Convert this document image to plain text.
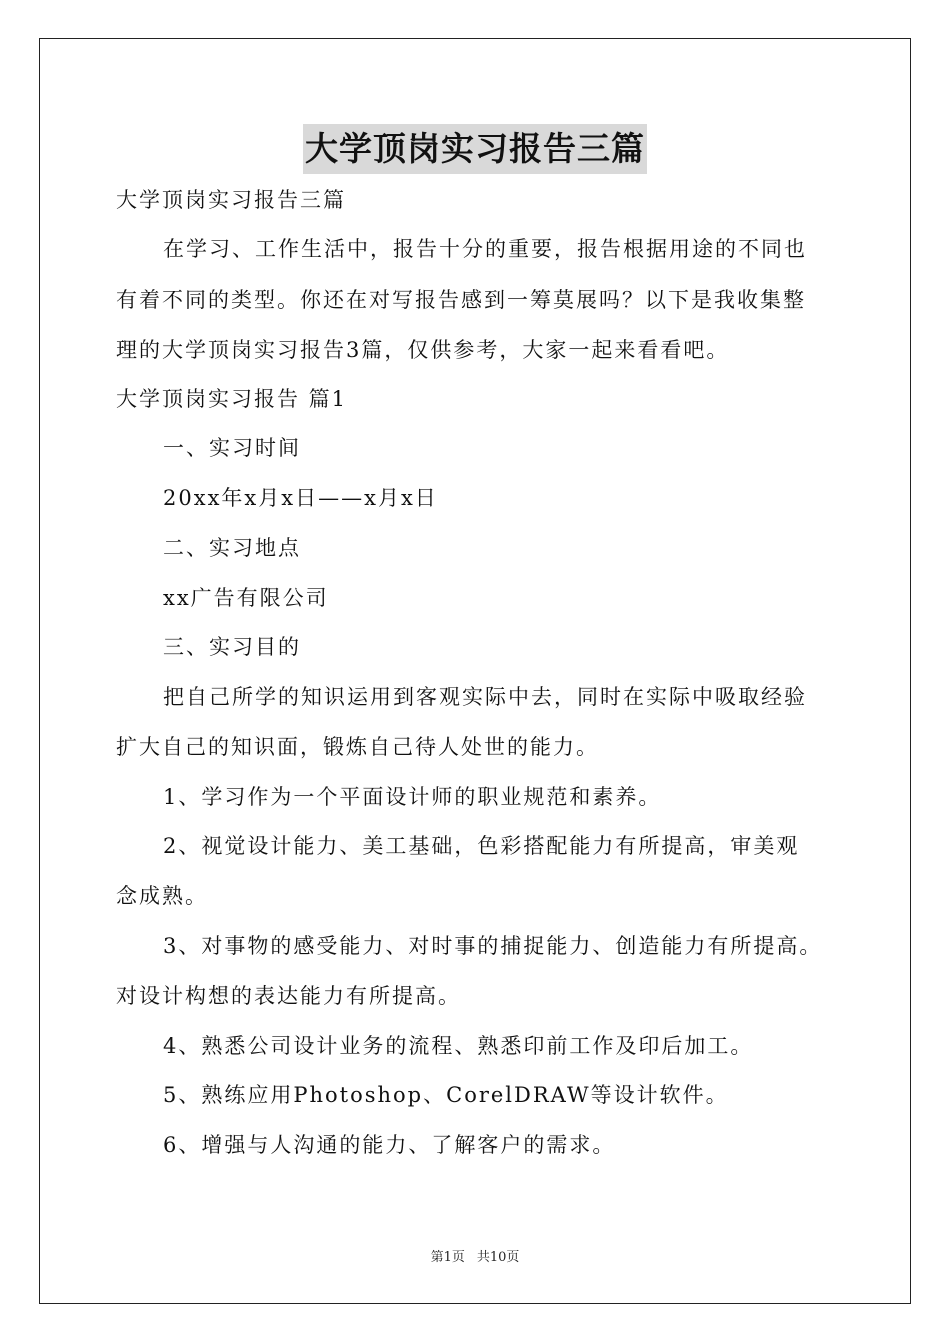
大学顶岗实习报告三篇
大学顶岗实习报告三篇
在学习、工作生活中，报告十分的重要，报告根据用途的不同也
有着不同的类型。你还在对写报告感到一筹莫展吗？以下是我收集整
理的大学顶岗实习报告3篇，仅供参考，大家一起来看看吧。
大学顶岗实习报告 篇1
一、实习时间
20xx年x月x日——x月x日
二、实习地点
xx广告有限公司
三、实习目的
把自己所学的知识运用到客观实际中去，同时在实际中吸取经验
扩大自己的知识面，锻炼自己待人处世的能力。
1、学习作为一个平面设计师的职业规范和素养。
2、视觉设计能力、美工基础，色彩搭配能力有所提高，审美观
念成熟。
3、对事物的感受能力、对时事的捕捉能力、创造能力有所提高。
对设计构想的表达能力有所提高。
4、熟悉公司设计业务的流程、熟悉印前工作及印后加工。
5、熟练应用Photoshop、CorelDRAW等设计软件。
6、增强与人沟通的能力、了解客户的需求。
第1页 共10页
